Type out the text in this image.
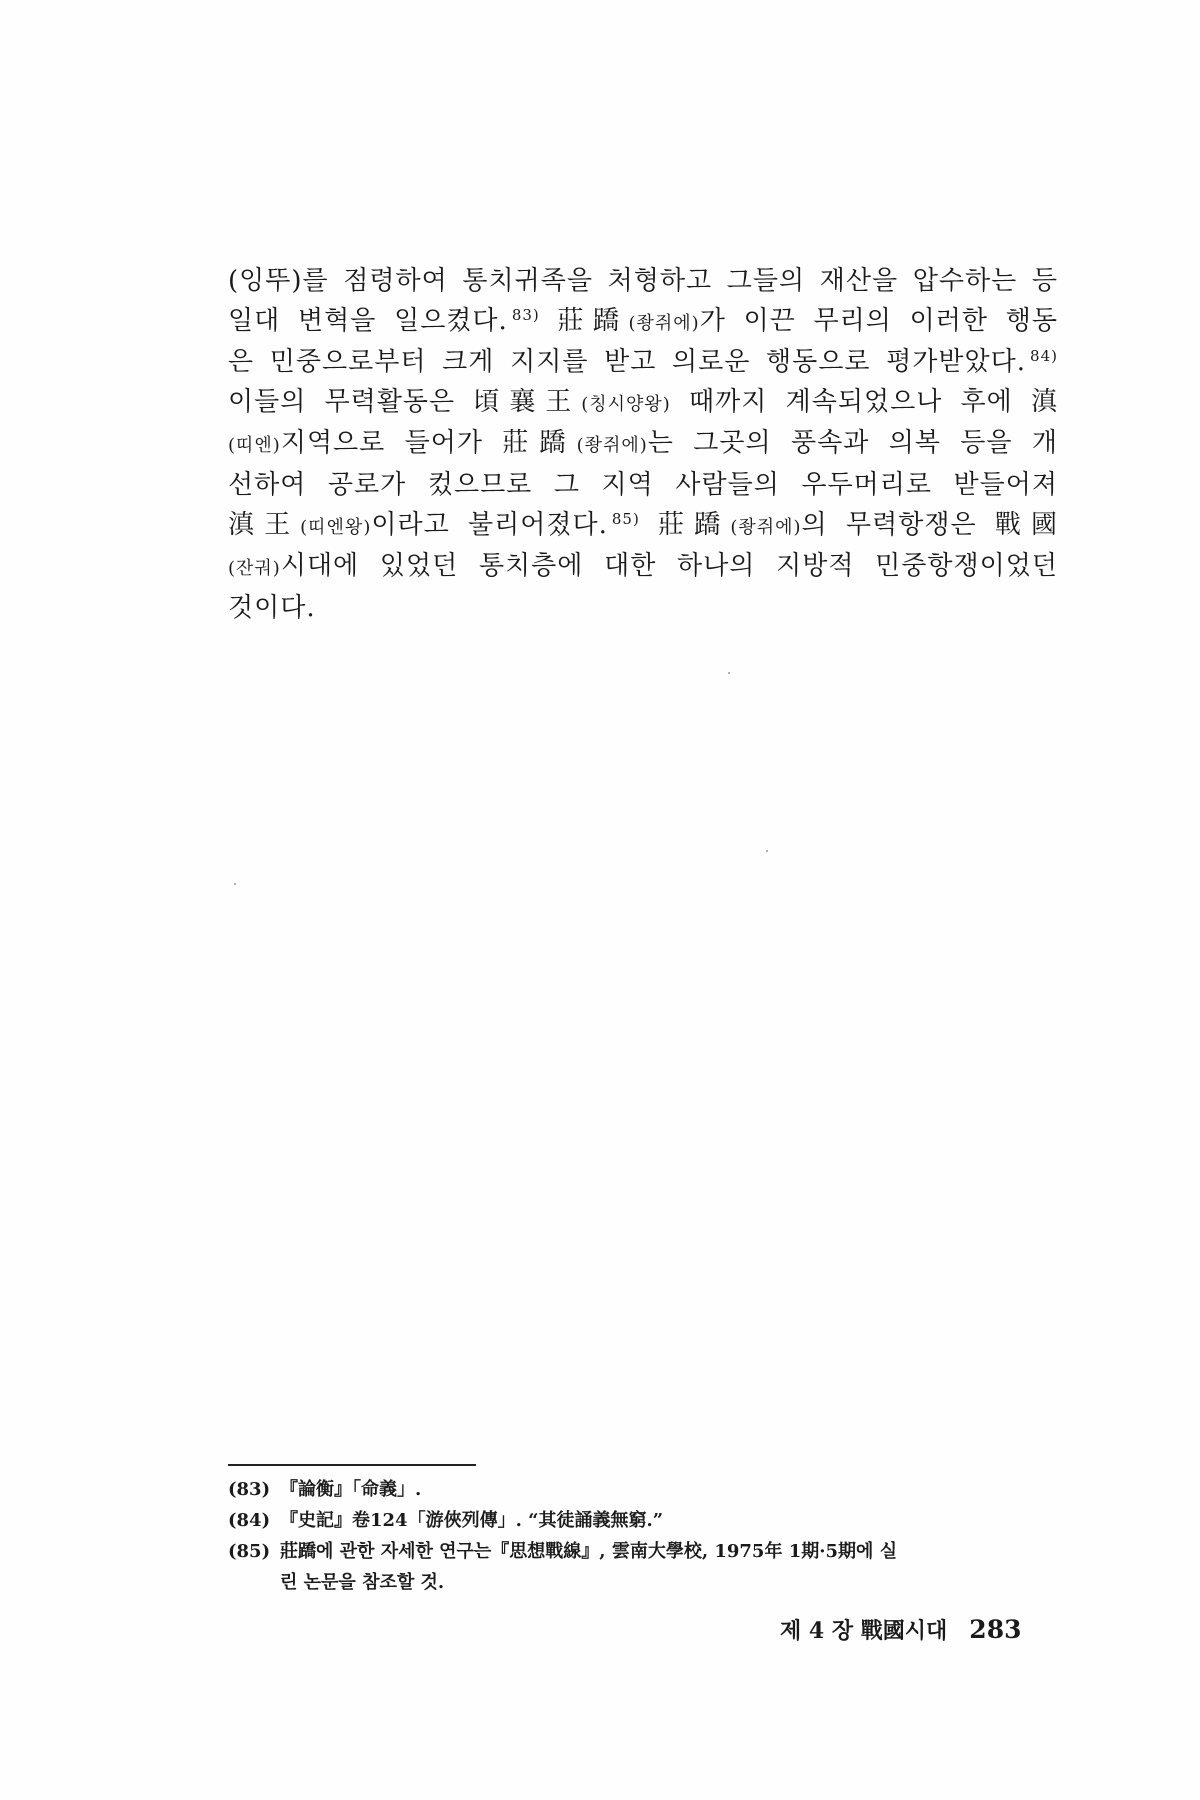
(잉뚜)를 점령하여 통치귀족을 처형하고 그들의 재산을 압수하는 등
일대 변혁을 일으켰다. $^{83)}$ 莊蹻(좡쥐에)가 이끈 무리의 이러한 행동
은 민중으로부터 크게 지지를 받고 의로운 행동으로 평가받았다. $^{84)}$
이들의 무력활동은 頃襄王(칭시양왕) 때까지 계속되었으나 후에 滇
(띠엔)지역으로 들어가 莊蹻(좡쥐에)는 그곳의 풍속과 의복 등을 개
선하여 공로가 컸으므로 그 지역 사람들의 우두머리로 받들어져
滇王(띠엔왕)이라고 불리어졌다. $^{85)}$ 莊蹻(좡쥐에)의 무력항쟁은 戰國
(잔궈)시대에 있었던 통치층에 대한 하나의 지방적 민중항쟁이었던
것이다.
(83) 『論衡』「命義」.
(84) 『史記』卷124「游俠列傳」. “其徒誦義無窮.”
(85) 莊蹻에 관한 자세한 연구는『思想戰線』, 雲南大學校, 1975年 1期·5期에 실
린 논문을 참조할 것.
제 4 장 戰國시대 283
